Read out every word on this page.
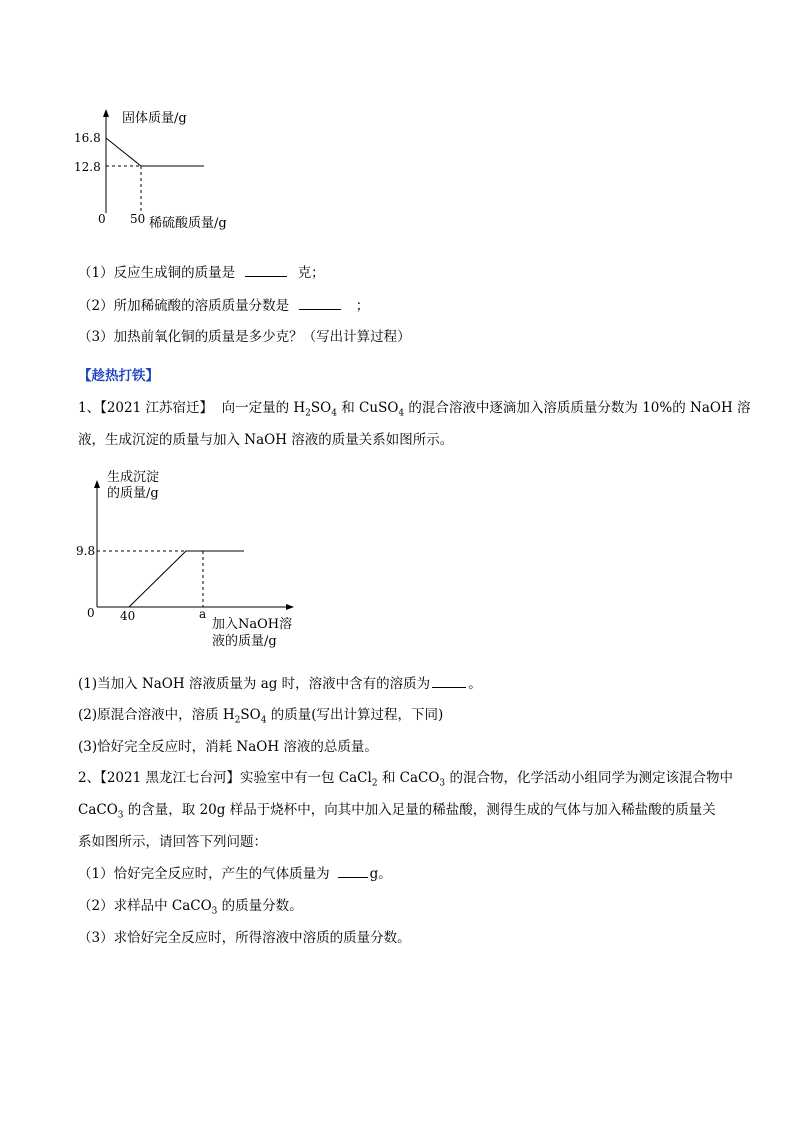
固体质量/g
16.8
12.8
0 50 稀硫酸质量/g
（1）反应生成铜的质量是	克；
（2）所加稀硫酸的溶质质量分数是	；
（3）加热前氧化铜的质量是多少克？（写出计算过程）
【趁热打铁】
1、【2021 江苏宿迁】 向一定量的 $H_2SO_4$ 和 CuSO$_4$ 的混合溶液中逐滴加入溶质质量分数为 10%的 NaOH 溶
液，生成沉淀的质量与加入 NaOH 溶液的质量关系如图所示。
生成沉淀
的质量/g
9.8
0 40	a
加入NaOH溶
液的质量/g
(1)当加入 NaOH 溶液质量为 ag 时，溶液中含有的溶质为	。
(2)原混合溶液中，溶质 $H_2SO_4$ 的质量(写出计算过程，下同)
(3)恰好完全反应时，消耗 NaOH 溶液的总质量。
2、【2021 黑龙江七台河】实验室中有一包 CaCl$_2$ 和 CaCO$_3$ 的混合物，化学活动小组同学为测定该混合物中
CaCO$_3$ 的含量，取 20g 样品于烧杯中，向其中加入足量的稀盐酸，测得生成的气体与加入稀盐酸的质量关
系如图所示，请回答下列问题：
（1）恰好完全反应时，产生的气体质量为	g。
（2）求样品中 CaCO$_3$ 的质量分数。
（3）求恰好完全反应时，所得溶液中溶质的质量分数。
